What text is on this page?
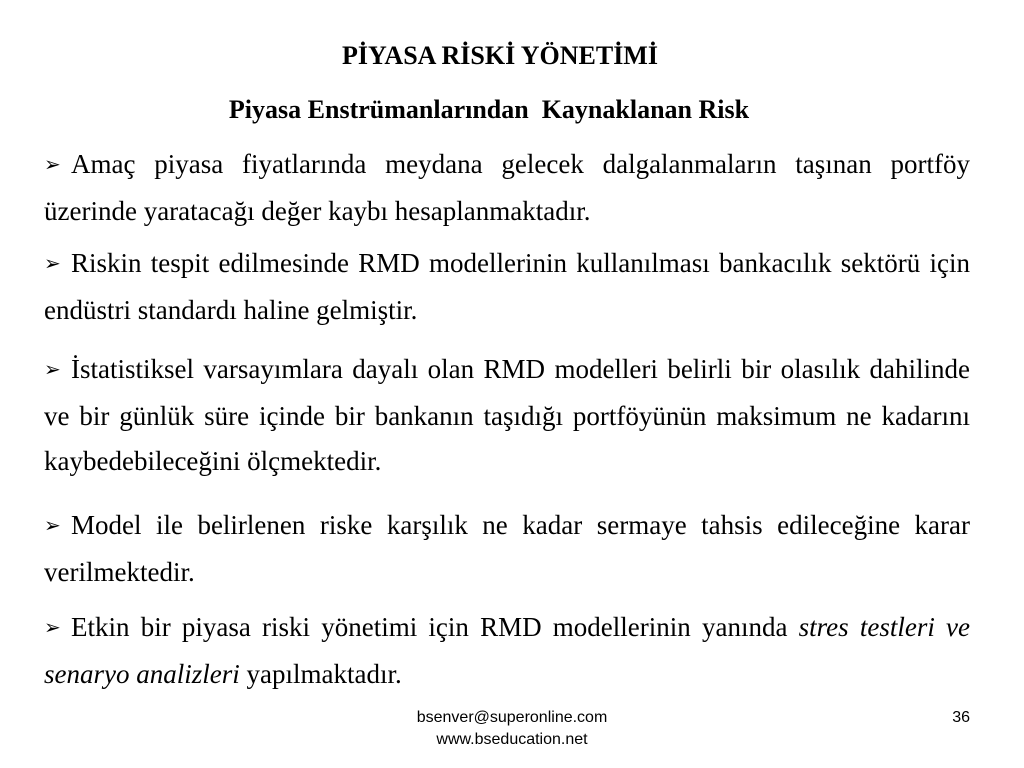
PİYASA RİSKİ YÖNETİMİ
Piyasa Enstrümanlarından  Kaynaklanan Risk
➢ Amaç piyasa fiyatlarında meydana gelecek dalgalanmaların taşınan portföy üzerinde yaratacağı değer kaybı hesaplanmaktadır.
➢ Riskin tespit edilmesinde RMD modellerinin kullanılması bankacılık sektörü için endüstri standardı haline gelmiştir.
➢ İstatistiksel varsayımlara dayalı olan RMD modelleri belirli bir olasılık dahilinde ve bir günlük süre içinde bir bankanın taşıdığı portföyünün maksimum ne kadarını kaybedebileceğini ölçmektedir.
➢ Model ile belirlenen riske karşılık ne kadar sermaye tahsis edileceğine karar verilmektedir.
➢ Etkin bir piyasa riski yönetimi için RMD modellerinin yanında stres testleri ve senaryo analizleri yapılmaktadır.
bsenver@superonline.com
www.bseducation.net
36
